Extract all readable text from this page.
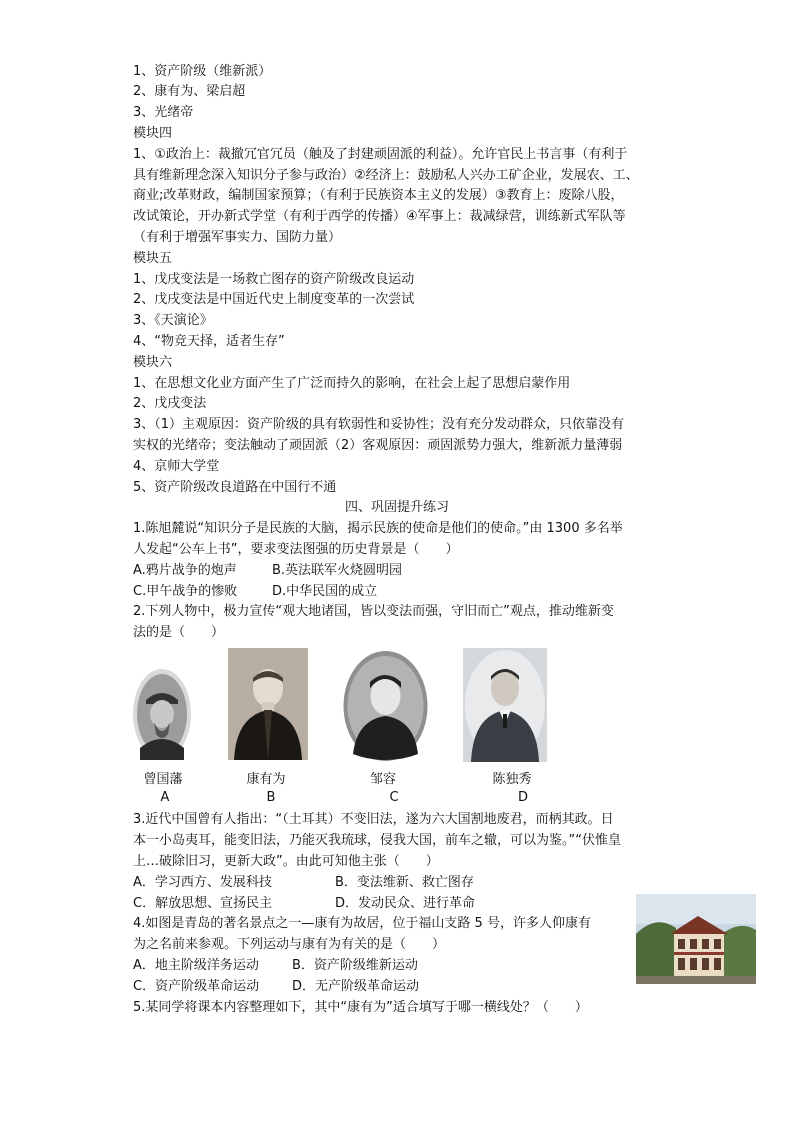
1、资产阶级（维新派）
2、康有为、梁启超
3、光绪帝
模块四
1、①政治上：裁撤冗官冗员（触及了封建顽固派的利益）。允许官民上书言事（有利于
具有维新理念深入知识分子参与政治）②经济上：鼓励私人兴办工矿企业，发展农、工、
商业;改革财政，编制国家预算；（有利于民族资本主义的发展）③教育上：废除八股，
改试策论，开办新式学堂（有利于西学的传播）④军事上：裁减绿营，训练新式军队等
（有利于增强军事实力、国防力量）
模块五
1、戊戌变法是一场救亡图存的资产阶级改良运动
2、戊戌变法是中国近代史上制度变革的一次尝试
3、《天演论》
4、“物竞天择，适者生存”
模块六
1、在思想文化业方面产生了广泛而持久的影响，在社会上起了思想启蒙作用
2、戊戌变法
3、（1）主观原因：资产阶级的具有软弱性和妥协性；没有充分发动群众，只依靠没有
实权的光绪帝；变法触动了顽固派（2）客观原因：顽固派势力强大，维新派力量薄弱
4、京师大学堂
5、资产阶级改良道路在中国行不通
四、巩固提升练习
1.陈旭麓说“知识分子是民族的大脑，揭示民族的使命是他们的使命。”由 1300 多名举
人发起“公车上书”，要求变法图强的历史背景是（　　）
A.鸦片战争的炮声	B.英法联军火烧圆明园
C.甲午战争的惨败	D.中华民国的成立
2.下列人物中，极力宣传“观大地诸国，皆以变法而强，守旧而亡”观点，推动维新变
法的是（　　）
曾国藩	康有为	邹容	陈独秀
A	B	C	D
3.近代中国曾有人指出：“（土耳其）不变旧法，遂为六大国割地废君，而柄其政。日
本一小岛夷耳，能变旧法，乃能灭我琉球，侵我大国，前车之辙，可以为鉴。”“伏惟皇
上…破除旧习，更新大政”。由此可知他主张（　　）
A．学习西方、发展科技	B．变法维新、救亡图存
C．解放思想、宣扬民主	D．发动民众、进行革命
4.如图是青岛的著名景点之一—康有为故居，位于福山支路 5 号，许多人仰康有
为之名前来参观。下列运动与康有为有关的是（　　）
A．地主阶级洋务运动	B．资产阶级维新运动
C．资产阶级革命运动	D．无产阶级革命运动
5.某同学将课本内容整理如下，其中“康有为”适合填写于哪一横线处？（　　）
